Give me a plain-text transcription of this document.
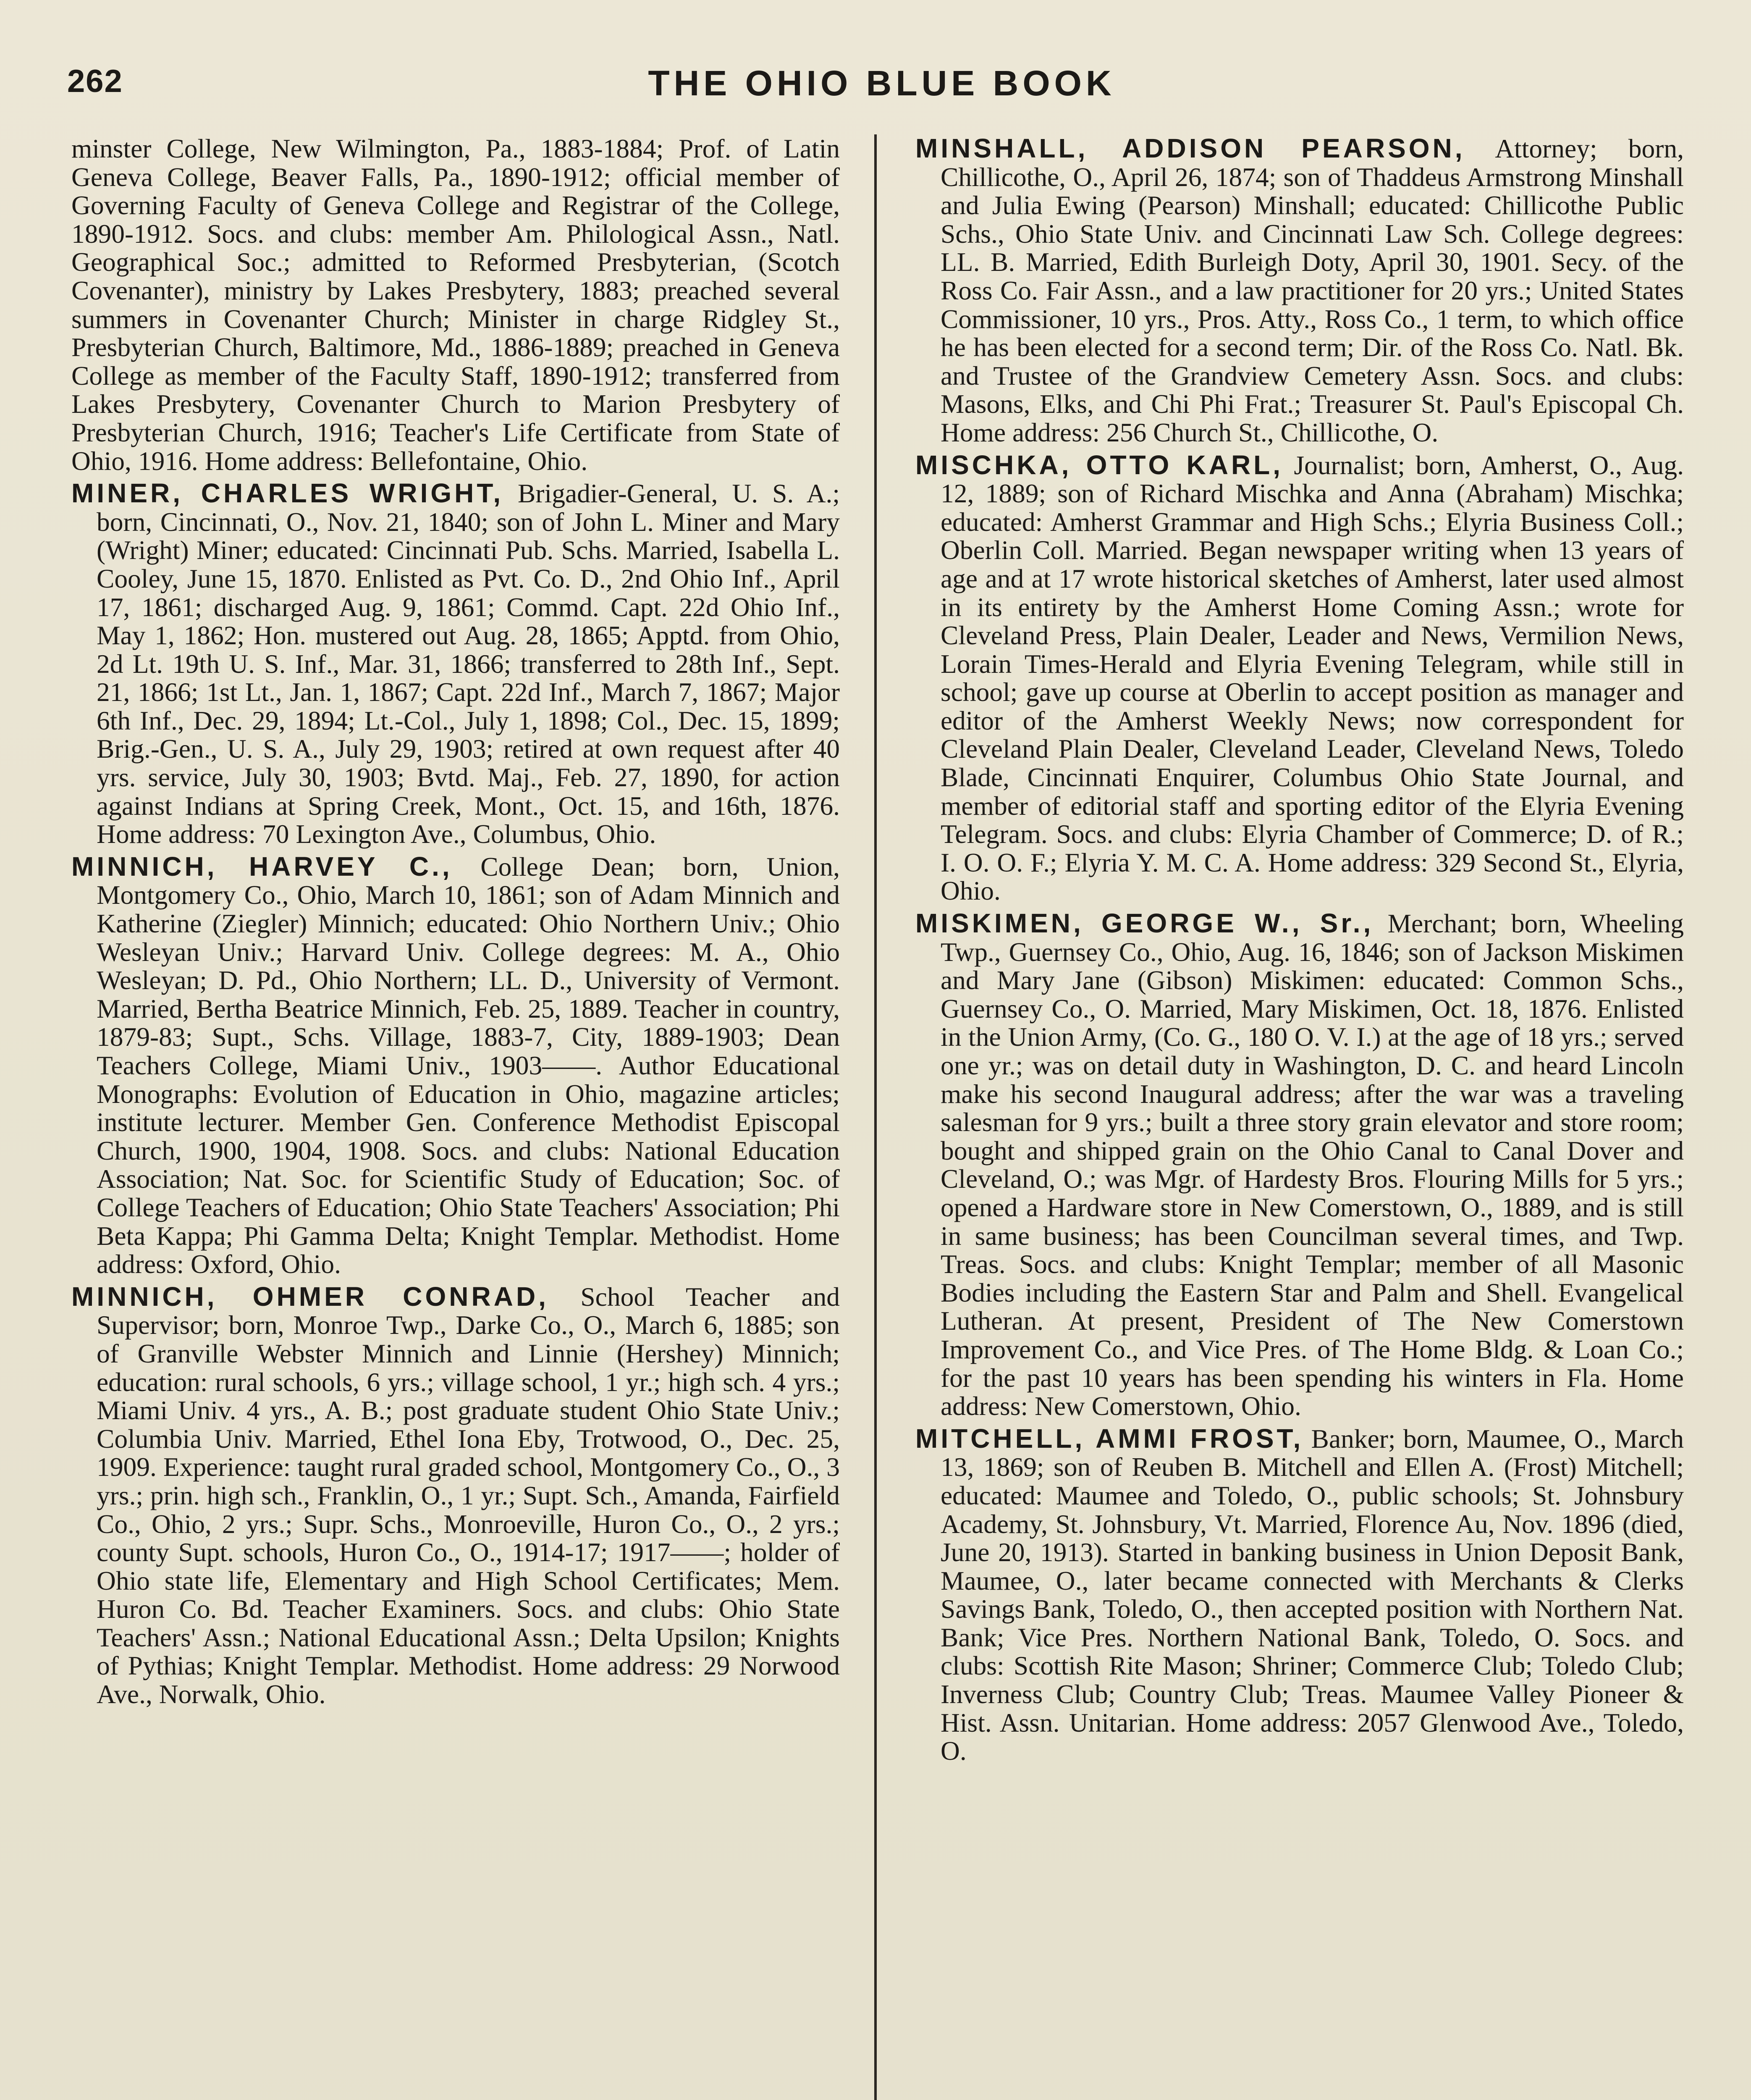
262	THE OHIO BLUE BOOK

minster College, New Wilmington, Pa., 1883-1884; Prof. of Latin Geneva College, Beaver Falls, Pa., 1890-1912; official member of Governing Faculty of Geneva College and Registrar of the College, 1890-1912. Socs. and clubs: member Am. Philological Assn., Natl. Geographical Soc.; admitted to Reformed Presbyterian, (Scotch Covenanter), ministry by Lakes Presbytery, 1883; preached several summers in Covenanter Church; Minister in charge Ridgley St., Presbyterian Church, Baltimore, Md., 1886-1889; preached in Geneva College as member of the Faculty Staff, 1890-1912; transferred from Lakes Presbytery, Covenanter Church to Marion Presbytery of Presbyterian Church, 1916; Teacher's Life Certificate from State of Ohio, 1916. Home address: Bellefontaine, Ohio.

MINER, CHARLES WRIGHT, Brigadier-General, U. S. A.; born, Cincinnati, O., Nov. 21, 1840; son of John L. Miner and Mary (Wright) Miner; educated: Cincinnati Pub. Schs. Married, Isabella L. Cooley, June 15, 1870. Enlisted as Pvt. Co. D., 2nd Ohio Inf., April 17, 1861; discharged Aug. 9, 1861; Commd. Capt. 22d Ohio Inf., May 1, 1862; Hon. mustered out Aug. 28, 1865; Apptd. from Ohio, 2d Lt. 19th U. S. Inf., Mar. 31, 1866; transferred to 28th Inf., Sept. 21, 1866; 1st Lt., Jan. 1, 1867; Capt. 22d Inf., March 7, 1867; Major 6th Inf., Dec. 29, 1894; Lt.-Col., July 1, 1898; Col., Dec. 15, 1899; Brig.-Gen., U. S. A., July 29, 1903; retired at own request after 40 yrs. service, July 30, 1903; Bvtd. Maj., Feb. 27, 1890, for action against Indians at Spring Creek, Mont., Oct. 15, and 16th, 1876. Home address: 70 Lexington Ave., Columbus, Ohio.

MINNICH, HARVEY C., College Dean; born, Union, Montgomery Co., Ohio, March 10, 1861; son of Adam Minnich and Katherine (Ziegler) Minnich; educated: Ohio Northern Univ.; Ohio Wesleyan Univ.; Harvard Univ. College degrees: M. A., Ohio Wesleyan; D. Pd., Ohio Northern; LL. D., University of Vermont. Married, Bertha Beatrice Minnich, Feb. 25, 1889. Teacher in country, 1879-83; Supt., Schs. Village, 1883-7, City, 1889-1903; Dean Teachers College, Miami Univ., 1903——. Author Educational Monographs: Evolution of Education in Ohio, magazine articles; institute lecturer. Member Gen. Conference Methodist Episcopal Church, 1900, 1904, 1908. Socs. and clubs: National Education Association; Nat. Soc. for Scientific Study of Education; Soc. of College Teachers of Education; Ohio State Teachers' Association; Phi Beta Kappa; Phi Gamma Delta; Knight Templar. Methodist. Home address: Oxford, Ohio.

MINNICH, OHMER CONRAD, School Teacher and Supervisor; born, Monroe Twp., Darke Co., O., March 6, 1885; son of Granville Webster Minnich and Linnie (Hershey) Minnich; education: rural schools, 6 yrs.; village school, 1 yr.; high sch. 4 yrs.; Miami Univ. 4 yrs., A. B.; post graduate student Ohio State Univ.; Columbia Univ. Married, Ethel Iona Eby, Trotwood, O., Dec. 25, 1909. Experience: taught rural graded school, Montgomery Co., O., 3 yrs.; prin. high sch., Franklin, O., 1 yr.; Supt. Sch., Amanda, Fairfield Co., Ohio, 2 yrs.; Supr. Schs., Monroeville, Huron Co., O., 2 yrs.; county Supt. schools, Huron Co., O., 1914-17; 1917——; holder of Ohio state life, Elementary and High School Certificates; Mem. Huron Co. Bd. Teacher Examiners. Socs. and clubs: Ohio State Teachers' Assn.; National Educational Assn.; Delta Upsilon; Knights of Pythias; Knight Templar. Methodist. Home address: 29 Norwood Ave., Norwalk, Ohio.

MINSHALL, ADDISON PEARSON, Attorney; born, Chillicothe, O., April 26, 1874; son of Thaddeus Armstrong Minshall and Julia Ewing (Pearson) Minshall; educated: Chillicothe Public Schs., Ohio State Univ. and Cincinnati Law Sch. College degrees: LL. B. Married, Edith Burleigh Doty, April 30, 1901. Secy. of the Ross Co. Fair Assn., and a law practitioner for 20 yrs.; United States Commissioner, 10 yrs., Pros. Atty., Ross Co., 1 term, to which office he has been elected for a second term; Dir. of the Ross Co. Natl. Bk. and Trustee of the Grandview Cemetery Assn. Socs. and clubs: Masons, Elks, and Chi Phi Frat.; Treasurer St. Paul's Episcopal Ch. Home address: 256 Church St., Chillicothe, O.

MISCHKA, OTTO KARL, Journalist; born, Amherst, O., Aug. 12, 1889; son of Richard Mischka and Anna (Abraham) Mischka; educated: Amherst Grammar and High Schs.; Elyria Business Coll.; Oberlin Coll. Married. Began newspaper writing when 13 years of age and at 17 wrote historical sketches of Amherst, later used almost in its entirety by the Amherst Home Coming Assn.; wrote for Cleveland Press, Plain Dealer, Leader and News, Vermilion News, Lorain Times-Herald and Elyria Evening Telegram, while still in school; gave up course at Oberlin to accept position as manager and editor of the Amherst Weekly News; now correspondent for Cleveland Plain Dealer, Cleveland Leader, Cleveland News, Toledo Blade, Cincinnati Enquirer, Columbus Ohio State Journal, and member of editorial staff and sporting editor of the Elyria Evening Telegram. Socs. and clubs: Elyria Chamber of Commerce; D. of R.; I. O. O. F.; Elyria Y. M. C. A. Home address: 329 Second St., Elyria, Ohio.

MISKIMEN, GEORGE W., Sr., Merchant; born, Wheeling Twp., Guernsey Co., Ohio, Aug. 16, 1846; son of Jackson Miskimen and Mary Jane (Gibson) Miskimen: educated: Common Schs., Guernsey Co., O. Married, Mary Miskimen, Oct. 18, 1876. Enlisted in the Union Army, (Co. G., 180 O. V. I.) at the age of 18 yrs.; served one yr.; was on detail duty in Washington, D. C. and heard Lincoln make his second Inaugural address; after the war was a traveling salesman for 9 yrs.; built a three story grain elevator and store room; bought and shipped grain on the Ohio Canal to Canal Dover and Cleveland, O.; was Mgr. of Hardesty Bros. Flouring Mills for 5 yrs.; opened a Hardware store in New Comerstown, O., 1889, and is still in same business; has been Councilman several times, and Twp. Treas. Socs. and clubs: Knight Templar; member of all Masonic Bodies including the Eastern Star and Palm and Shell. Evangelical Lutheran. At present, President of The New Comerstown Improvement Co., and Vice Pres. of The Home Bldg. & Loan Co.; for the past 10 years has been spending his winters in Fla. Home address: New Comerstown, Ohio.

MITCHELL, AMMI FROST, Banker; born, Maumee, O., March 13, 1869; son of Reuben B. Mitchell and Ellen A. (Frost) Mitchell; educated: Maumee and Toledo, O., public schools; St. Johnsbury Academy, St. Johnsbury, Vt. Married, Florence Au, Nov. 1896 (died, June 20, 1913). Started in banking business in Union Deposit Bank, Maumee, O., later became connected with Merchants & Clerks Savings Bank, Toledo, O., then accepted position with Northern Nat. Bank; Vice Pres. Northern National Bank, Toledo, O. Socs. and clubs: Scottish Rite Mason; Shriner; Commerce Club; Toledo Club; Inverness Club; Country Club; Treas. Maumee Valley Pioneer & Hist. Assn. Unitarian. Home address: 2057 Glenwood Ave., Toledo, O.
